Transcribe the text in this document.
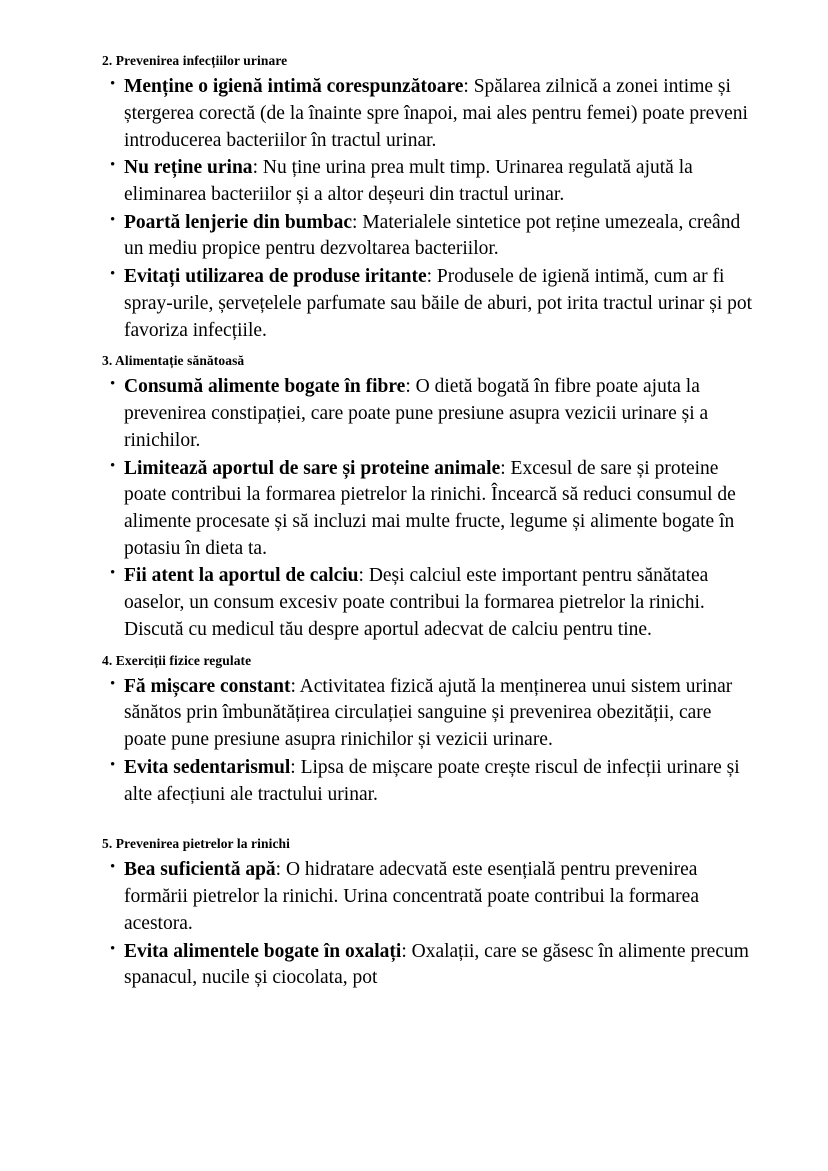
2. Prevenirea infecțiilor urinare
• Menține o igienă intimă corespunzătoare: Spălarea zilnică a zonei intime și ștergerea corectă (de la înainte spre înapoi, mai ales pentru femei) poate preveni introducerea bacteriilor în tractul urinar.
• Nu reține urina: Nu ține urina prea mult timp. Urinarea regulată ajută la eliminarea bacteriilor și a altor deșeuri din tractul urinar.
• Poartă lenjerie din bumbac: Materialele sintetice pot reține umezeala, creând un mediu propice pentru dezvoltarea bacteriilor.
• Evitați utilizarea de produse iritante: Produsele de igienă intimă, cum ar fi spray-urile, șervețelele parfumate sau băile de aburi, pot irita tractul urinar și pot favoriza infecțiile.
3. Alimentație sănătoasă
• Consumă alimente bogate în fibre: O dietă bogată în fibre poate ajuta la prevenirea constipației, care poate pune presiune asupra vezicii urinare și a rinichilor.
• Limitează aportul de sare și proteine animale: Excesul de sare și proteine poate contribui la formarea pietrelor la rinichi. Încearcă să reduci consumul de alimente procesate și să incluzi mai multe fructe, legume și alimente bogate în potasiu în dieta ta.
• Fii atent la aportul de calciu: Deși calciul este important pentru sănătatea oaselor, un consum excesiv poate contribui la formarea pietrelor la rinichi. Discută cu medicul tău despre aportul adecvat de calciu pentru tine.
4. Exerciții fizice regulate
• Fă mișcare constant: Activitatea fizică ajută la menținerea unui sistem urinar sănătos prin îmbunătățirea circulației sanguine și prevenirea obezității, care poate pune presiune asupra rinichilor și vezicii urinare.
• Evita sedentarismul: Lipsa de mișcare poate crește riscul de infecții urinare și alte afecțiuni ale tractului urinar.
5. Prevenirea pietrelor la rinichi
• Bea suficientă apă: O hidratare adecvată este esențială pentru prevenirea formării pietrelor la rinichi. Urina concentrată poate contribui la formarea acestora.
• Evita alimentele bogate în oxalați: Oxalații, care se găsesc în alimente precum spanacul, nucile și ciocolata, pot
